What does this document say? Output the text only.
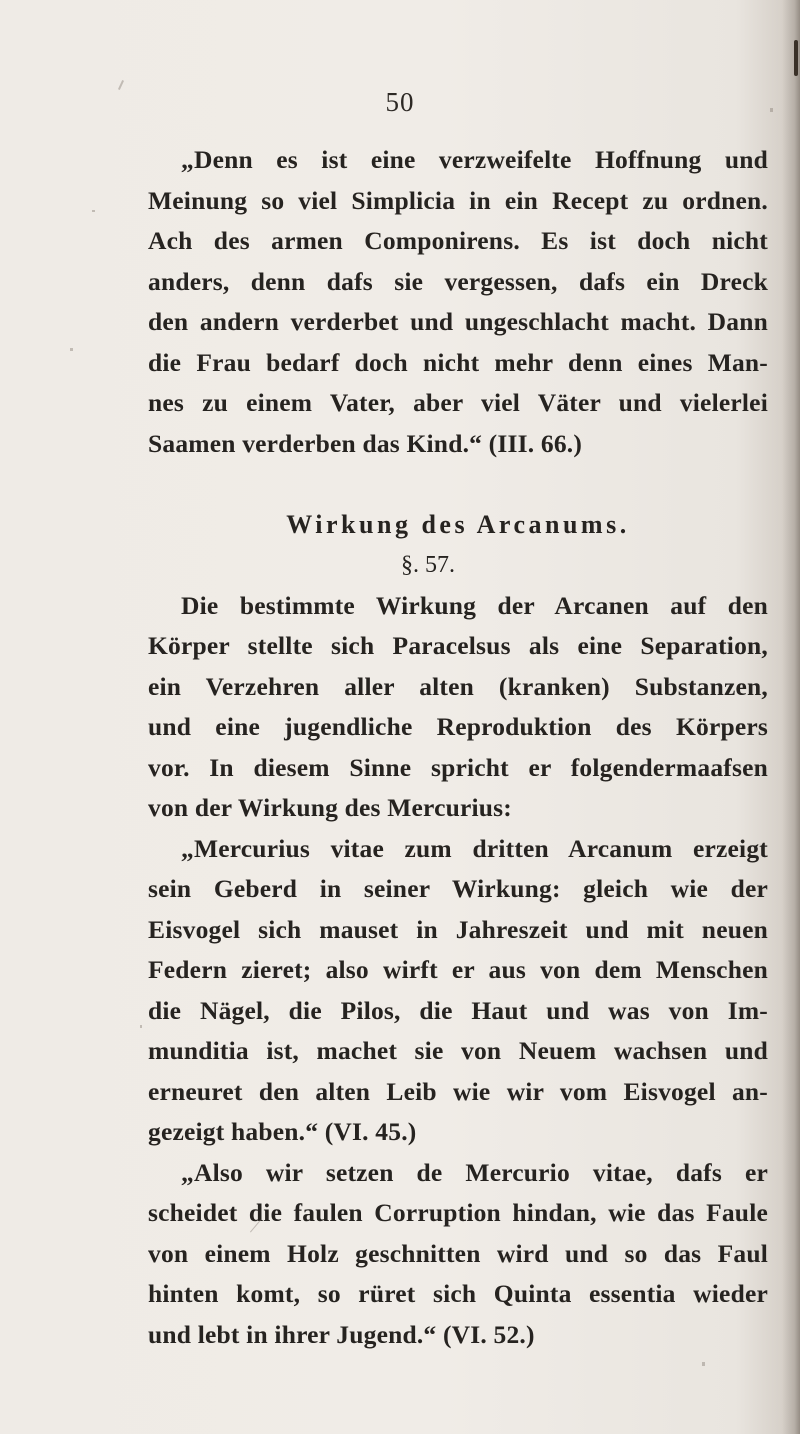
50
„Denn es ist eine verzweifelte Hoffnung und
Meinung so viel Simplicia in ein Recept zu ordnen.
Ach des armen Componirens. Es ist doch nicht
anders, denn dafs sie vergessen, dafs ein Dreck
den andern verderbet und ungeschlacht macht. Dann
die Frau bedarf doch nicht mehr denn eines Man-
nes zu einem Vater, aber viel Väter und vielerlei
Saamen verderben das Kind.“ (III. 66.)
Wirkung des Arcanums.
§. 57.
Die bestimmte Wirkung der Arcanen auf den
Körper stellte sich Paracelsus als eine Separation,
ein Verzehren aller alten (kranken) Substanzen,
und eine jugendliche Reproduktion des Körpers
vor. In diesem Sinne spricht er folgendermaafsen
von der Wirkung des Mercurius:
„Mercurius vitae zum dritten Arcanum erzeigt
sein Geberd in seiner Wirkung: gleich wie der
Eisvogel sich mauset in Jahreszeit und mit neuen
Federn zieret; also wirft er aus von dem Menschen
die Nägel, die Pilos, die Haut und was von Im-
munditia ist, machet sie von Neuem wachsen und
erneuret den alten Leib wie wir vom Eisvogel an-
gezeigt haben.“ (VI. 45.)
„Also wir setzen de Mercurio vitae, dafs er
scheidet die faulen Corruption hindan, wie das Faule
von einem Holz geschnitten wird und so das Faul
hinten komt, so rüret sich Quinta essentia wieder
und lebt in ihrer Jugend.“ (VI. 52.)
